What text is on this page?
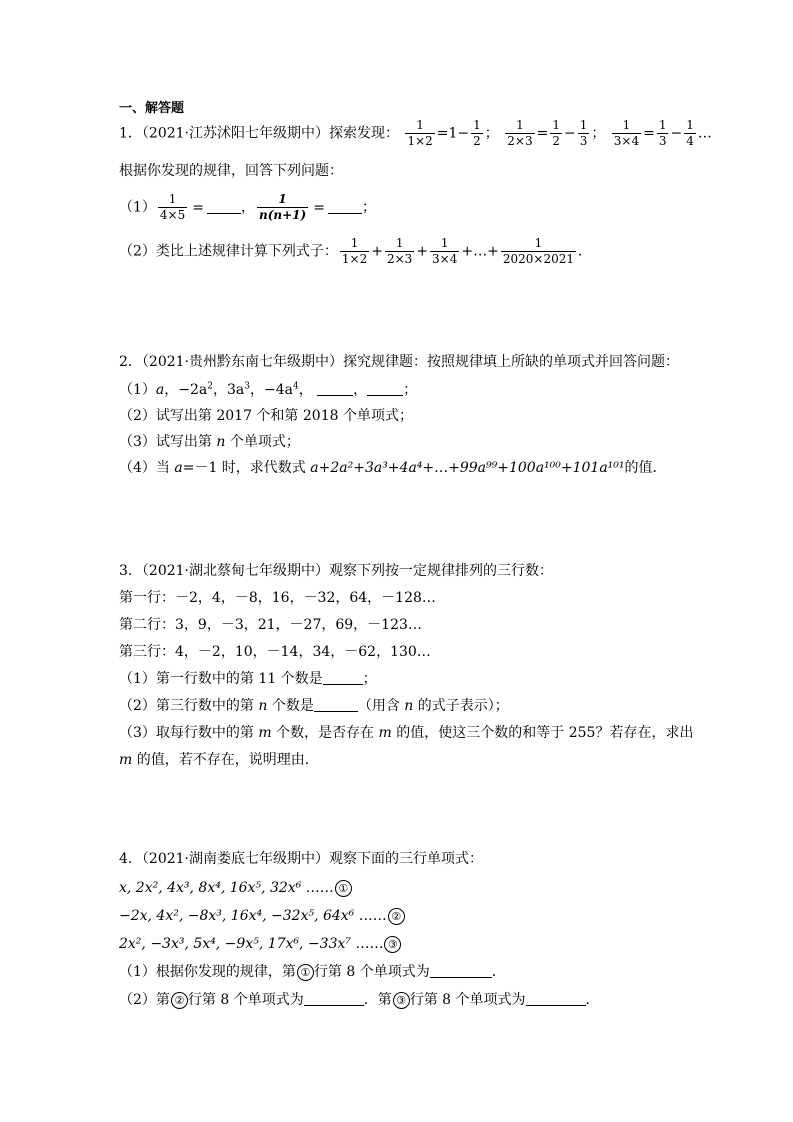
一、解答题
1．（2021·江苏沭阳七年级期中）探索发现： $\frac{1}{1\times 2} =1- \frac{1}{2}$ ； $\frac{1}{2\times 3} = \frac{1}{2} - \frac{1}{3}$ ； $\frac{1}{3\times 4} = \frac{1}{3} - \frac{1}{4}$ …
根据你发现的规律，回答下列问题：
$(1) \frac{1}{4\times 5}$ =	， $\frac{1}{n(n+1)}$ =	；
（2）类比上述规律计算下列式子： $\frac{1}{1\times 2} + \frac{1}{2\times 3} + \frac{1}{3\times 4}$ +…+ $\frac{1}{2020\times 2021}$ ．
2．（2021·贵州黔东南七年级期中）探究规律题：按照规律填上所缺的单项式并回答问题：
（1）a，$-2a^2$，$3a^3$，$-4a^4$，	，	；
（2）试写出第 2017 个和第 2018 个单项式；
（3）试写出第 n 个单项式；
（4）当 a=－1 时，求代数式 a+2a²+3a³+4a⁴+…+99a⁹⁹+100a¹⁰⁰+101a¹⁰¹的值．
3．（2021·湖北蔡甸七年级期中）观察下列按一定规律排列的三行数：
第一行：－2，4，－8，16，－32，64，－128…
第二行：3，9，－3，21，－27，69，－123…
第三行：4，－2，10，－14，34，－62，130…
（1）第一行数中的第 11 个数是	；
（2）第三行数中的第 n 个数是	（用含 n 的式子表示）；
（3）取每行数中的第 m 个数，是否存在 m 的值，使这三个数的和等于 255？若存在，求出
m 的值，若不存在，说明理由．
4．（2021·湖南娄底七年级期中）观察下面的三行单项式：
x, 2x², 4x³, 8x⁴, 16x⁵, 32x⁶ …… ①
−2x, 4x², −8x³, 16x⁴, −32x⁵, 64x⁶ …… ②
2x², −3x³, 5x⁴, −9x⁵, 17x⁶, −33x⁷ …… ③
（1）根据你发现的规律，第 ① 行第 8 个单项式为	．
（2）第 ② 行第 8 个单项式为	．第 ③ 行第 8 个单项式为	．
